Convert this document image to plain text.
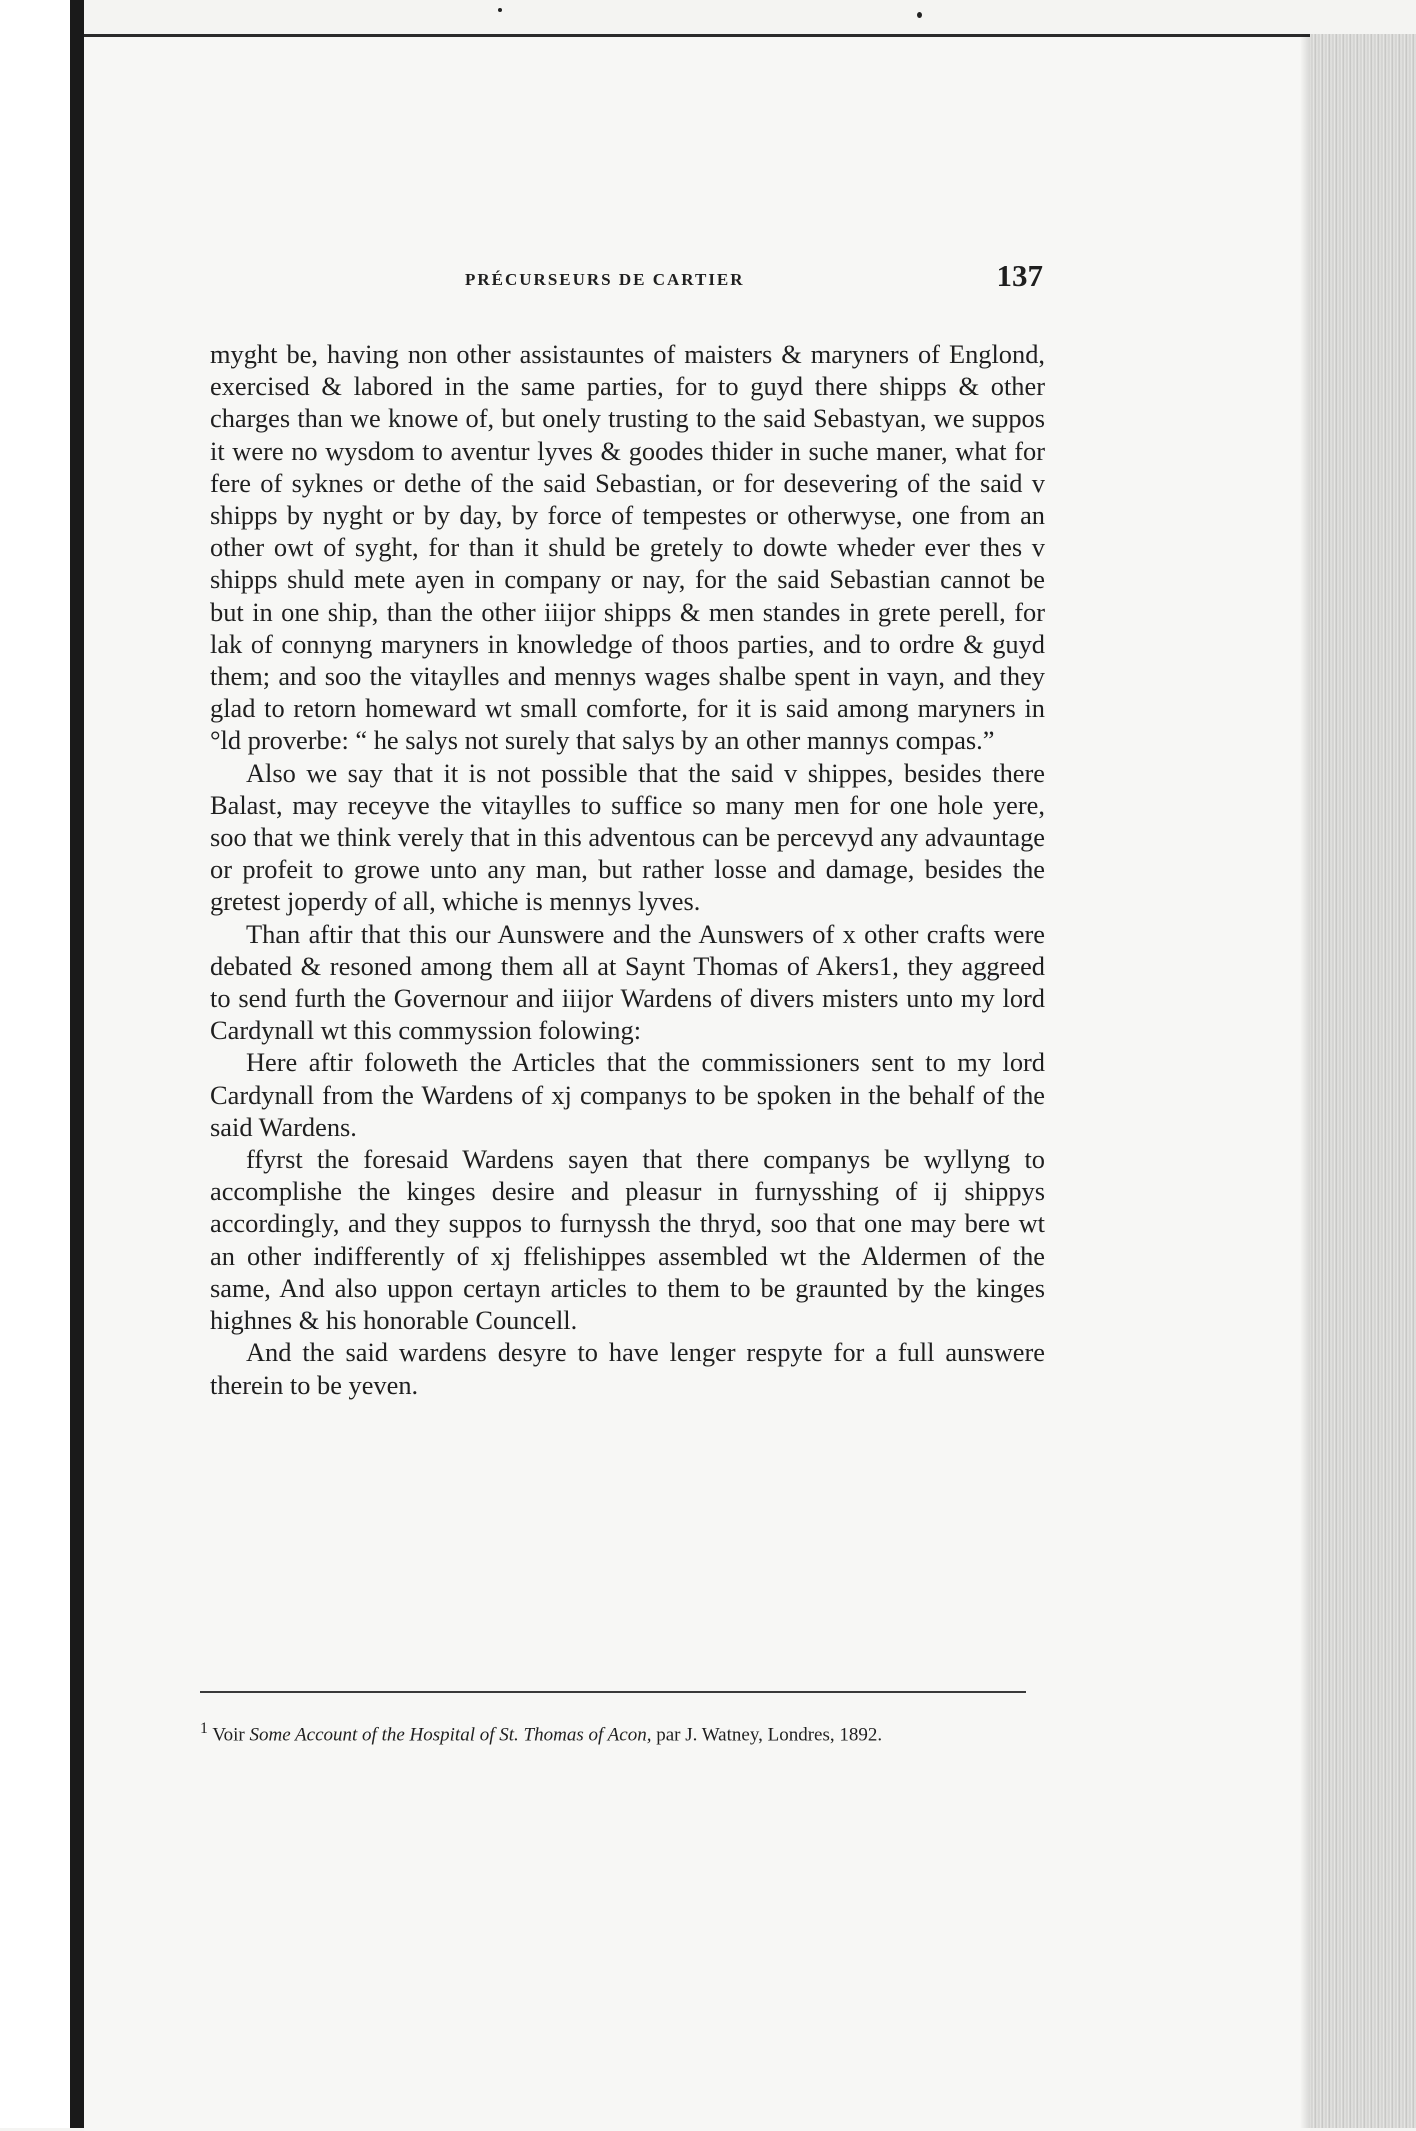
PRÉCURSEURS DE CARTIER	137

myght be, having non other assistauntes of maisters & maryners of Englond, exercised & labored in the same parties, for to guyd there shipps & other charges than we knowe of, but onely trusting to the said Sebastyan, we suppos it were no wysdom to aventur lyves & goodes thider in suche maner, what for fere of syknes or dethe of the said Sebastian, or for desevering of the said v shipps by nyght or by day, by force of tempestes or otherwyse, one from an other owt of syght, for than it shuld be gretely to dowte wheder ever thes v shipps shuld mete ayen in company or nay, for the said Sebastian cannot be but in one ship, than the other iiijor shipps & men standes in grete perell, for lak of connyng maryners in knowledge of thoos parties, and to ordre & guyd them; and soo the vitaylles and mennys wages shalbe spent in vayn, and they glad to retorn homeward wt small comforte, for it is said among maryners in °ld proverbe: “ he salys not surely that salys by an other mannys compas.”

Also we say that it is not possible that the said v shippes, besides there Balast, may receyve the vitaylles to suffice so many men for one hole yere, soo that we think verely that in this adventous can be percevyd any advauntage or profeit to growe unto any man, but rather losse and damage, besides the gretest joperdy of all, whiche is mennys lyves.

Than aftir that this our Aunswere and the Aunswers of x other crafts were debated & resoned among them all at Saynt Thomas of Akers1, they aggreed to send furth the Governour and iiijor Wardens of divers misters unto my lord Cardynall wt this commyssion folowing:

Here aftir foloweth the Articles that the commissioners sent to my lord Cardynall from the Wardens of xj companys to be spoken in the behalf of the said Wardens.

ffyrst the foresaid Wardens sayen that there companys be wyllyng to accomplishe the kinges desire and pleasur in furnysshing of ij shippys accordingly, and they suppos to furnyssh the thryd, soo that one may bere wt an other indifferently of xj ffelishippes assembled wt the Aldermen of the same, And also uppon certayn articles to them to be graunted by the kinges highnes & his honorable Councell.

And the said wardens desyre to have lenger respyte for a full aunswere therein to be yeven.

$^1$ Voir Some Account of the Hospital of St. Thomas of Acon, par J. Watney, Londres, 1892.
